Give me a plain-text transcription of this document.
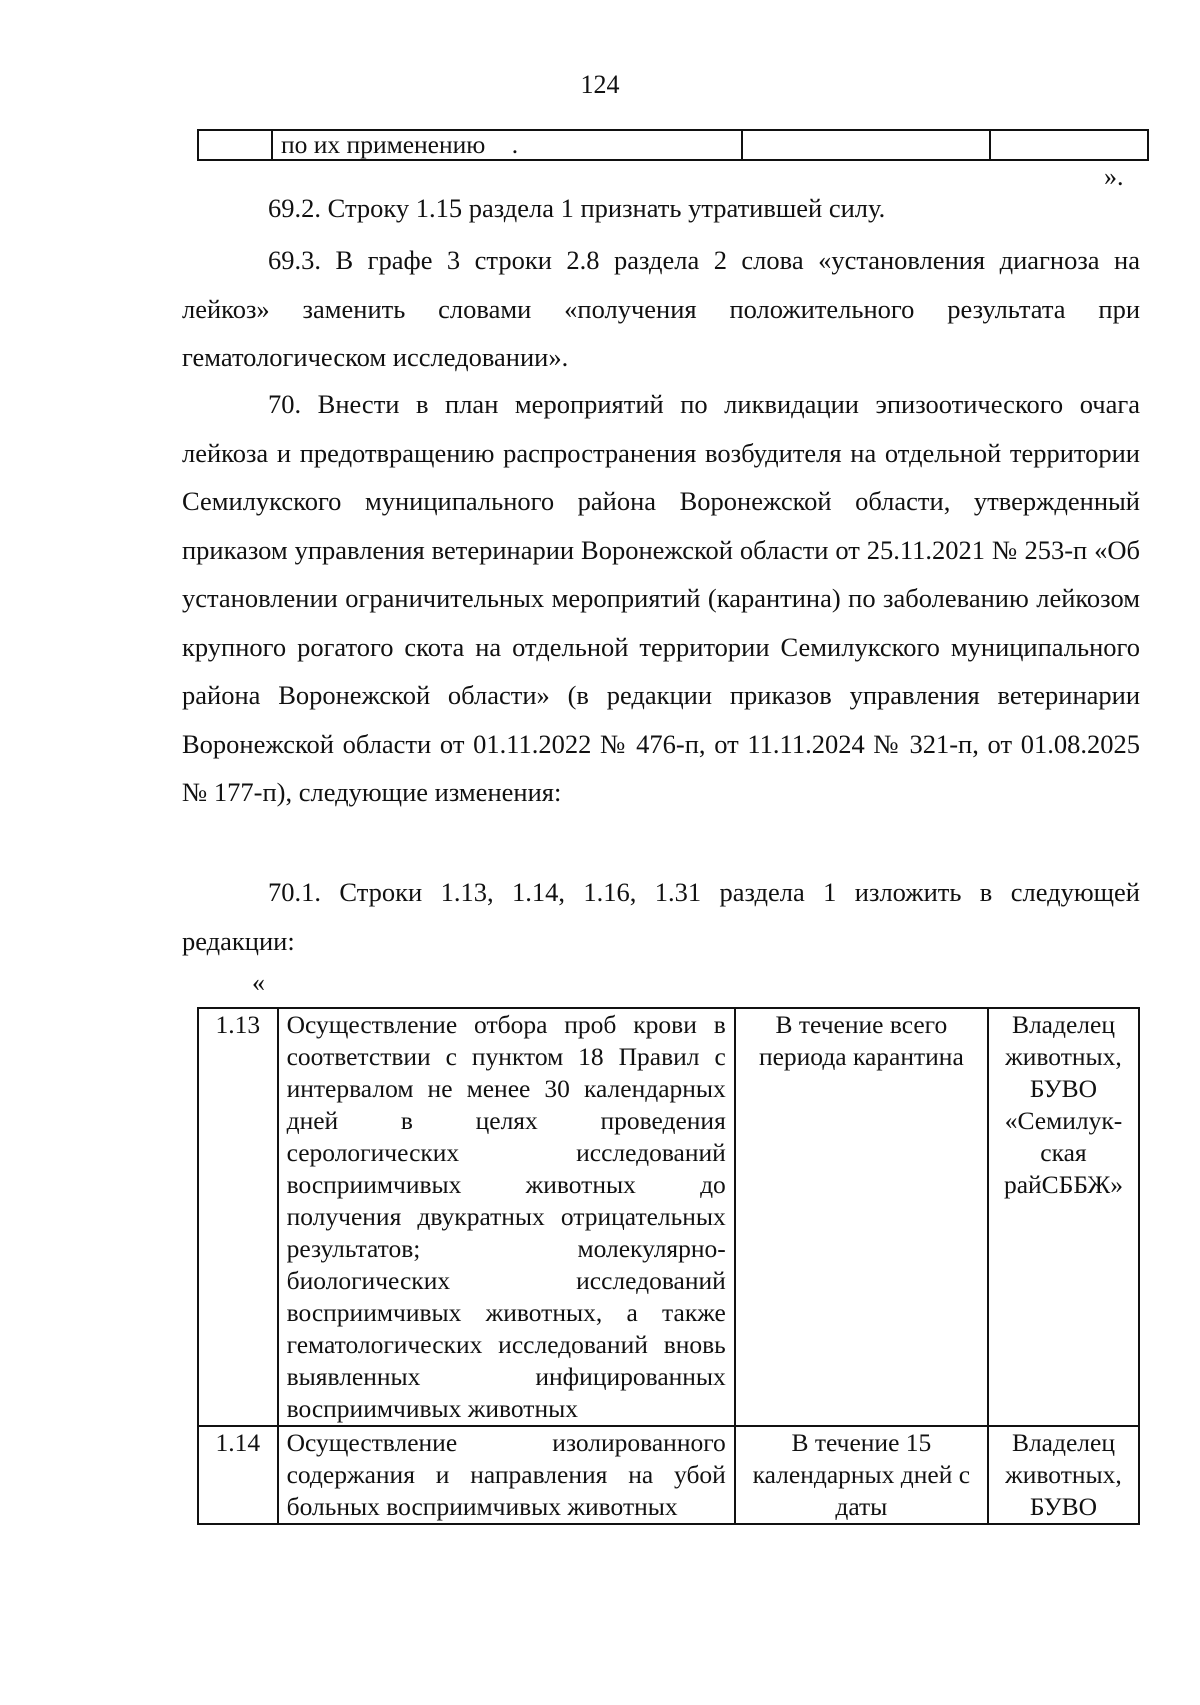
124
	по их применению .		
».
69.2. Строку 1.15 раздела 1 признать утратившей силу.
69.3. В графе 3 строки 2.8 раздела 2 слова «установления диагноза на лейкоз» заменить словами «получения положительного результата при гематологическом исследовании».
70. Внести в план мероприятий по ликвидации эпизоотического очага лейкоза и предотвращению распространения возбудителя на отдельной территории Семилукского муниципального района Воронежской области, утвержденный приказом управления ветеринарии Воронежской области от 25.11.2021 № 253-п «Об установлении ограничительных мероприятий (карантина) по заболеванию лейкозом крупного рогатого скота на отдельной территории Семилукского муниципального района Воронежской области» (в редакции приказов управления ветеринарии Воронежской области от 01.11.2022 № 476-п, от 11.11.2024 № 321-п, от 01.08.2025 № 177-п), следующие изменения:
70.1. Строки 1.13, 1.14, 1.16, 1.31 раздела 1 изложить в следующей редакции:
«
1.13	Осуществление отбора проб крови в соответствии с пунктом 18 Правил с интервалом не менее 30 календарных дней в целях проведения серологических исследований восприимчивых животных до получения двукратных отрицательных результатов; молекулярно-биологических исследований восприимчивых животных, а также гематологических исследований вновь выявленных инфицированных восприимчивых животных	В течение всего периода карантина	Владелец животных, БУВО «Семилук-ская райСББЖ»
1.14	Осуществление изолированного содержания и направления на убой больных восприимчивых животных	В течение 15 календарных дней с даты	Владелец животных, БУВО
